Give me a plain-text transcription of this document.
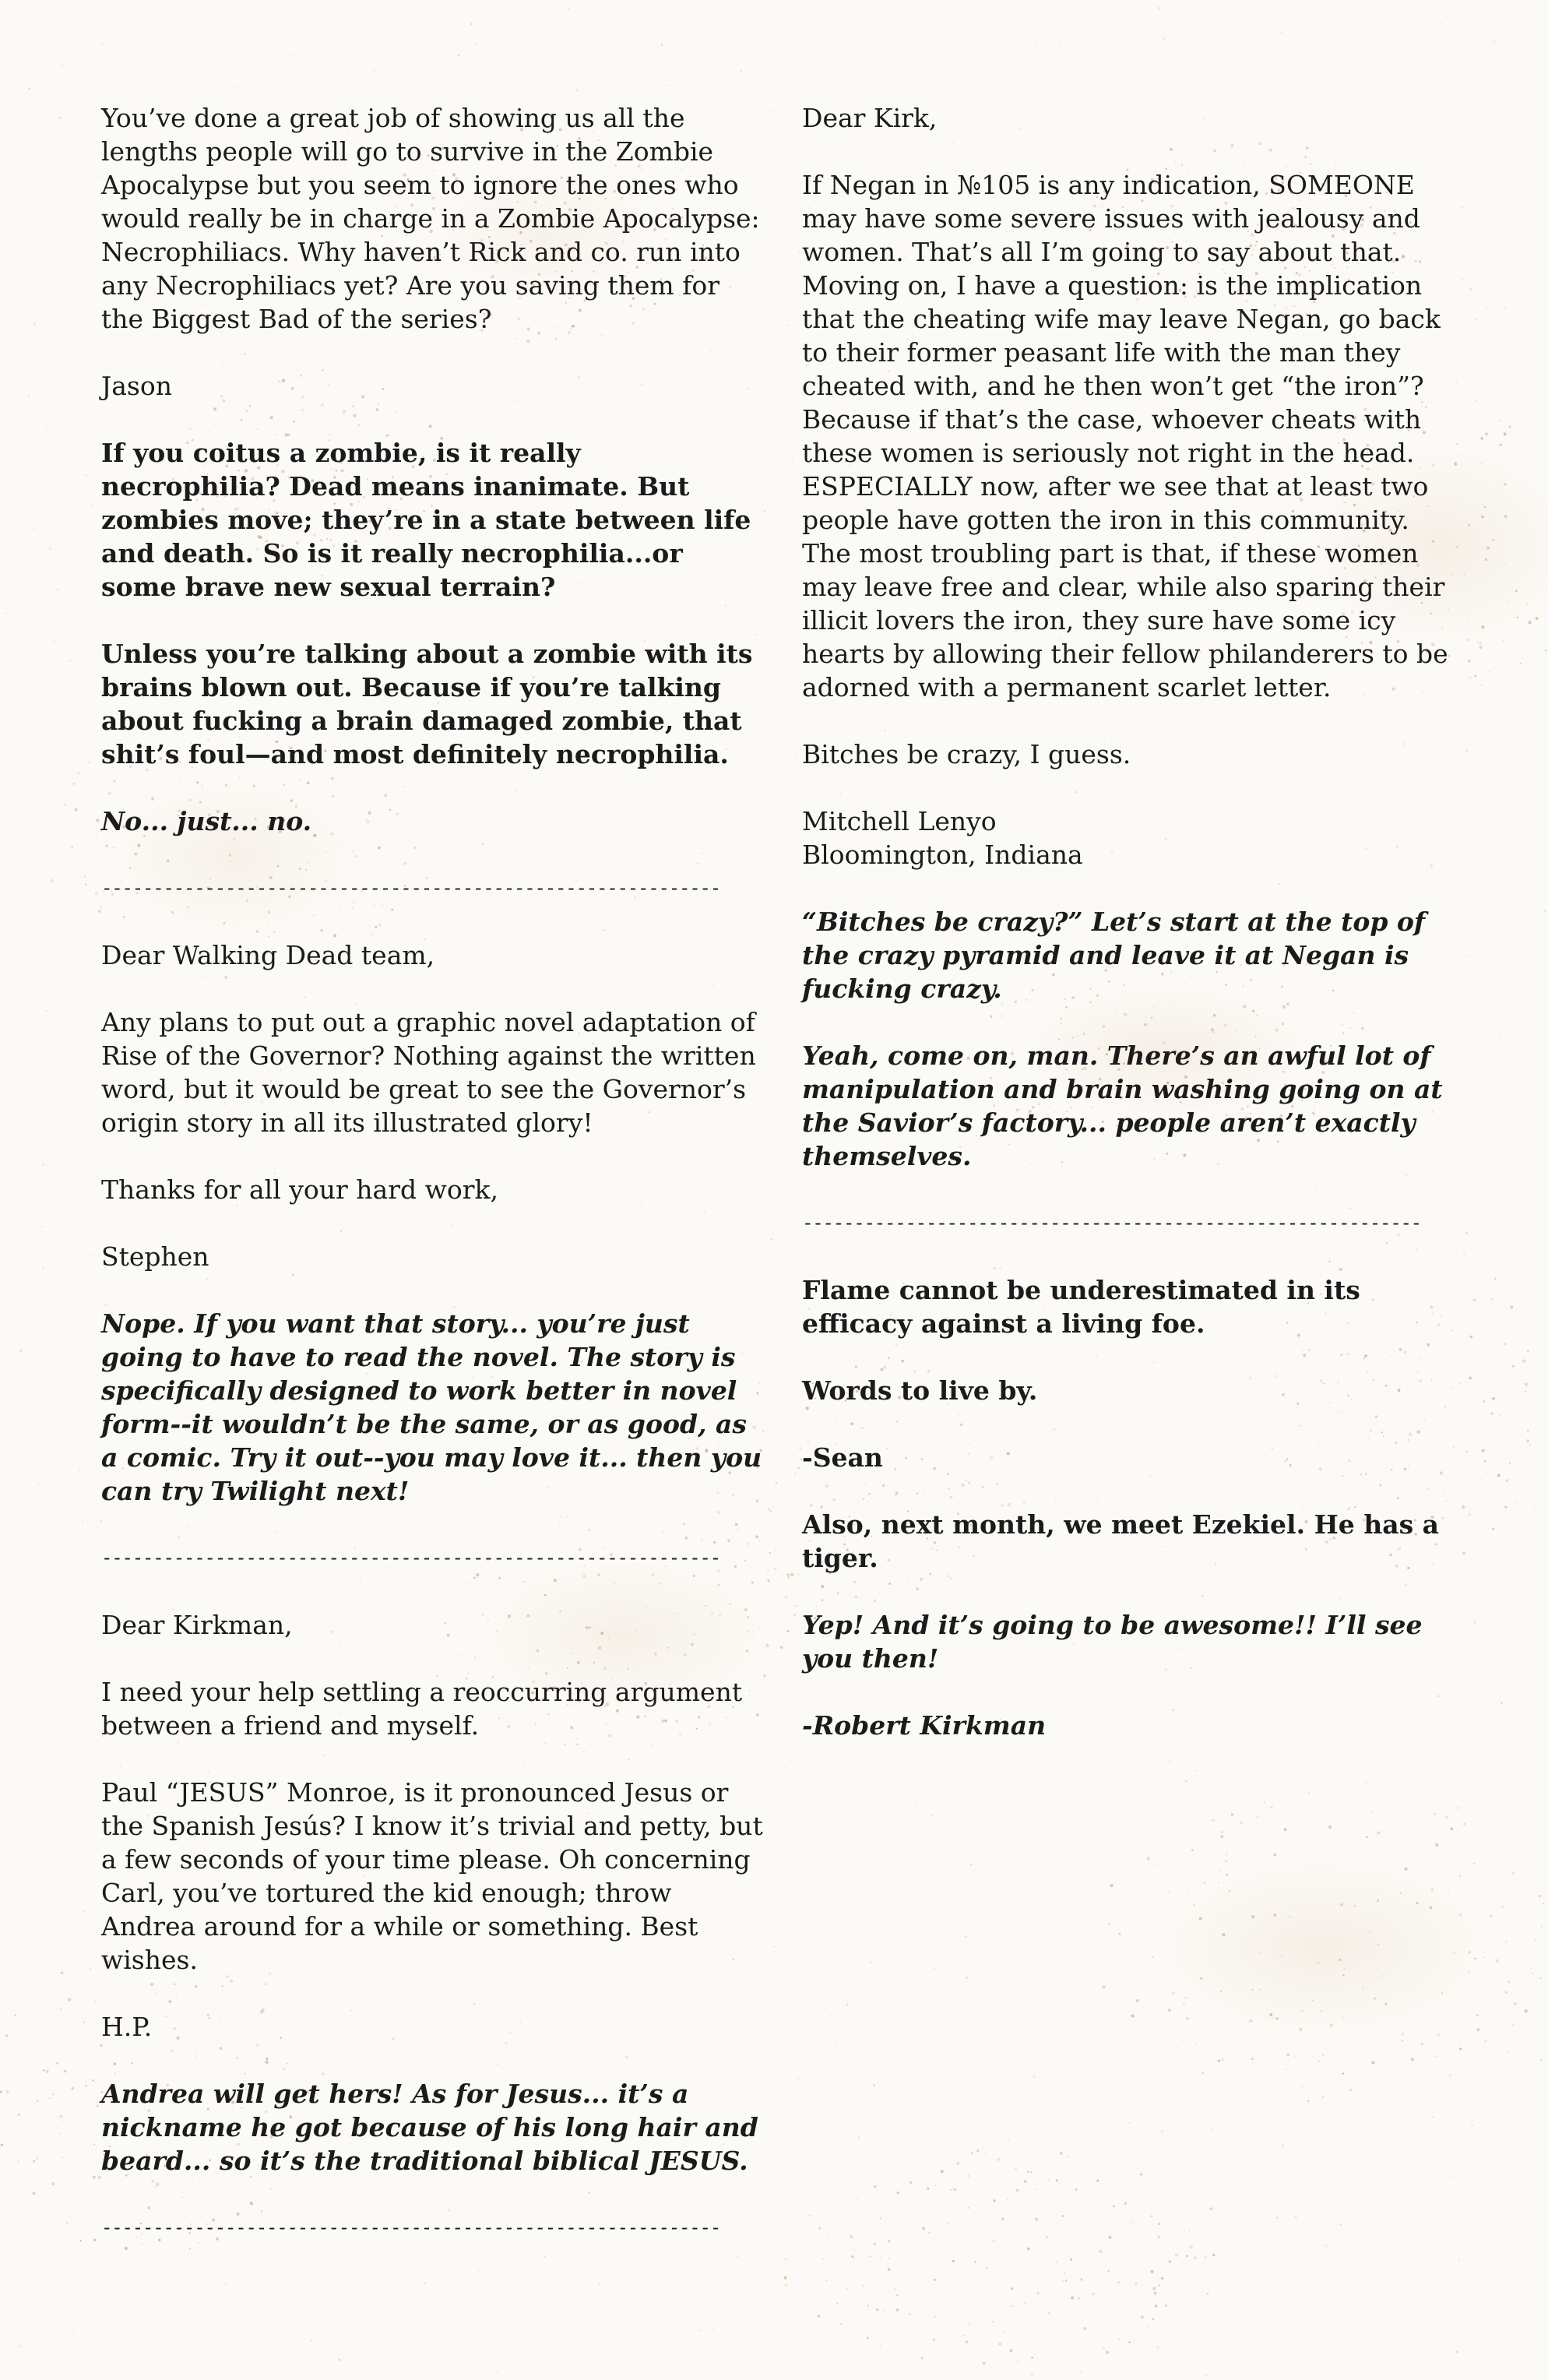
You’ve done a great job of showing us all the lengths people will go to survive in the Zombie Apocalypse but you seem to ignore the ones who would really be in charge in a Zombie Apocalypse: Necrophiliacs. Why haven’t Rick and co. run into any Necrophiliacs yet? Are you saving them for the Biggest Bad of the series?
Jason
If you coitus a zombie, is it really necrophilia? Dead means inanimate. But zombies move; they’re in a state between life and death. So is it really necrophilia...or some brave new sexual terrain?
Unless you’re talking about a zombie with its brains blown out. Because if you’re talking about fucking a brain damaged zombie, that shit’s foul—and most definitely necrophilia.
No... just... no.
------------------------------------------------------------
Dear Walking Dead team,
Any plans to put out a graphic novel adaptation of Rise of the Governor? Nothing against the written word, but it would be great to see the Governor’s origin story in all its illustrated glory!
Thanks for all your hard work,
Stephen
Nope. If you want that story... you’re just going to have to read the novel. The story is specifically designed to work better in novel form--it wouldn’t be the same, or as good, as a comic. Try it out--you may love it... then you can try Twilight next!
------------------------------------------------------------
Dear Kirkman,
I need your help settling a reoccurring argument between a friend and myself.
Paul “JESUS” Monroe, is it pronounced Jesus or the Spanish Jesús? I know it’s trivial and petty, but a few seconds of your time please. Oh concerning Carl, you’ve tortured the kid enough; throw Andrea around for a while or something. Best wishes.
H.P.
Andrea will get hers! As for Jesus... it’s a nickname he got because of his long hair and beard... so it’s the traditional biblical JESUS.
------------------------------------------------------------
Dear Kirk,
If Negan in №105 is any indication, SOMEONE may have some severe issues with jealousy and women. That’s all I’m going to say about that. Moving on, I have a question: is the implication that the cheating wife may leave Negan, go back to their former peasant life with the man they cheated with, and he then won’t get “the iron”? Because if that’s the case, whoever cheats with these women is seriously not right in the head. ESPECIALLY now, after we see that at least two people have gotten the iron in this community. The most troubling part is that, if these women may leave free and clear, while also sparing their illicit lovers the iron, they sure have some icy hearts by allowing their fellow philanderers to be adorned with a permanent scarlet letter.
Bitches be crazy, I guess.
Mitchell Lenyo
Bloomington, Indiana
“Bitches be crazy?” Let’s start at the top of the crazy pyramid and leave it at Negan is fucking crazy.
Yeah, come on, man. There’s an awful lot of manipulation and brain washing going on at the Savior’s factory... people aren’t exactly themselves.
------------------------------------------------------------
Flame cannot be underestimated in its efficacy against a living foe.
Words to live by.
-Sean
Also, next month, we meet Ezekiel. He has a tiger.
Yep! And it’s going to be awesome!! I’ll see you then!
-Robert Kirkman
